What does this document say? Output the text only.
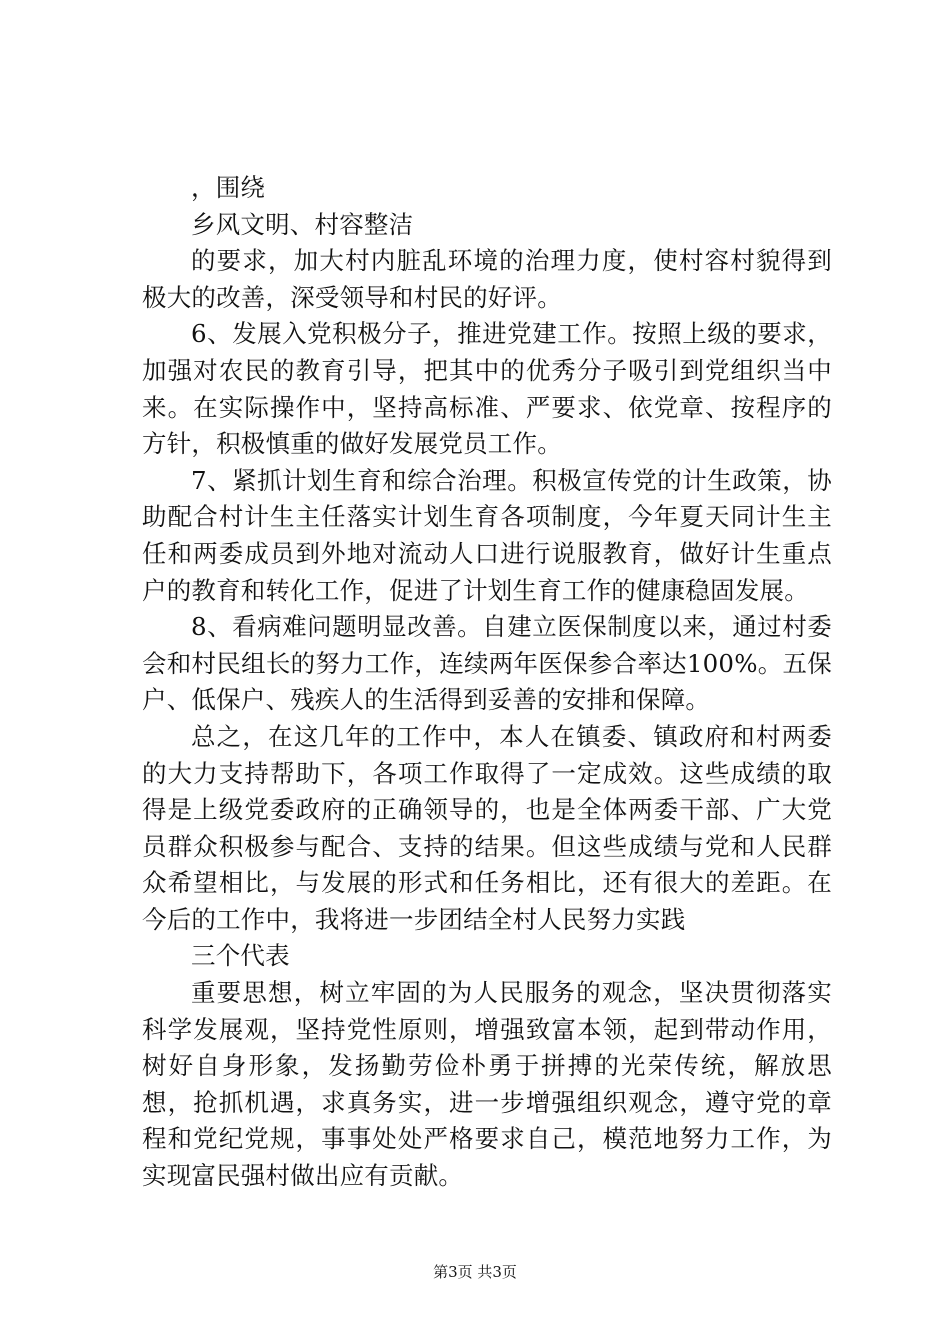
，围绕

乡风文明、村容整洁

的要求，加大村内脏乱环境的治理力度，使村容村貌得到极大的改善，深受领导和村民的好评。

6、发展入党积极分子，推进党建工作。按照上级的要求，加强对农民的教育引导，把其中的优秀分子吸引到党组织当中来。在实际操作中，坚持高标准、严要求、依党章、按程序的方针，积极慎重的做好发展党员工作。

7、紧抓计划生育和综合治理。积极宣传党的计生政策，协助配合村计生主任落实计划生育各项制度，今年夏天同计生主任和两委成员到外地对流动人口进行说服教育，做好计生重点户的教育和转化工作，促进了计划生育工作的健康稳固发展。

8、看病难问题明显改善。自建立医保制度以来，通过村委会和村民组长的努力工作，连续两年医保参合率达100%。五保户、低保户、残疾人的生活得到妥善的安排和保障。

总之，在这几年的工作中，本人在镇委、镇政府和村两委的大力支持帮助下，各项工作取得了一定成效。这些成绩的取得是上级党委政府的正确领导的，也是全体两委干部、广大党员群众积极参与配合、支持的结果。但这些成绩与党和人民群众希望相比，与发展的形式和任务相比，还有很大的差距。在今后的工作中，我将进一步团结全村人民努力实践

三个代表

重要思想，树立牢固的为人民服务的观念，坚决贯彻落实科学发展观，坚持党性原则，增强致富本领，起到带动作用，树好自身形象，发扬勤劳俭朴勇于拼搏的光荣传统，解放思想，抢抓机遇，求真务实，进一步增强组织观念，遵守党的章程和党纪党规，事事处处严格要求自己，模范地努力工作，为实现富民强村做出应有贡献。

第3页 共3页
